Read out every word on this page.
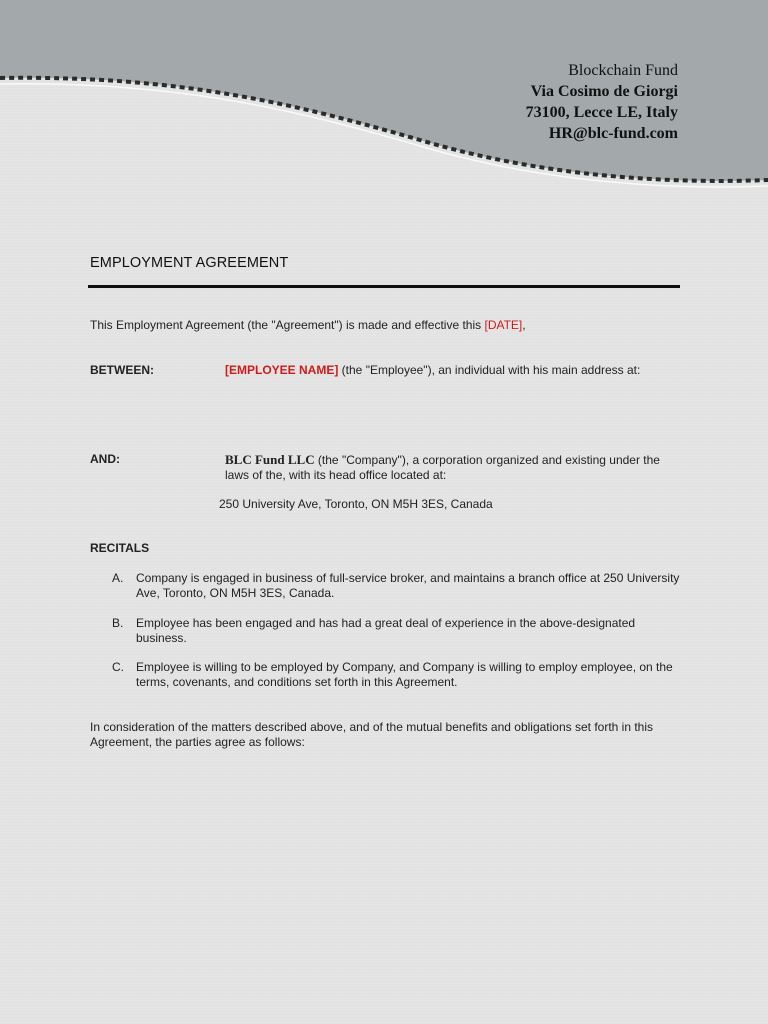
Blockchain Fund
Via Cosimo de Giorgi
73100, Lecce LE, Italy
HR@blc-fund.com
EMPLOYMENT AGREEMENT
This Employment Agreement (the "Agreement") is made and effective this [DATE],
BETWEEN:	[EMPLOYEE NAME] (the "Employee"), an individual with his main address at:
AND:	BLC Fund LLC (the "Company"), a corporation organized and existing under the laws of the, with its head office located at:
250 University Ave, Toronto, ON M5H 3ES, Canada
RECITALS
A.	Company is engaged in business of full-service broker, and maintains a branch office at 250 University Ave, Toronto, ON M5H 3ES, Canada.
B.	Employee has been engaged and has had a great deal of experience in the above-designated business.
C.	Employee is willing to be employed by Company, and Company is willing to employ employee, on the terms, covenants, and conditions set forth in this Agreement.
In consideration of the matters described above, and of the mutual benefits and obligations set forth in this Agreement, the parties agree as follows:
